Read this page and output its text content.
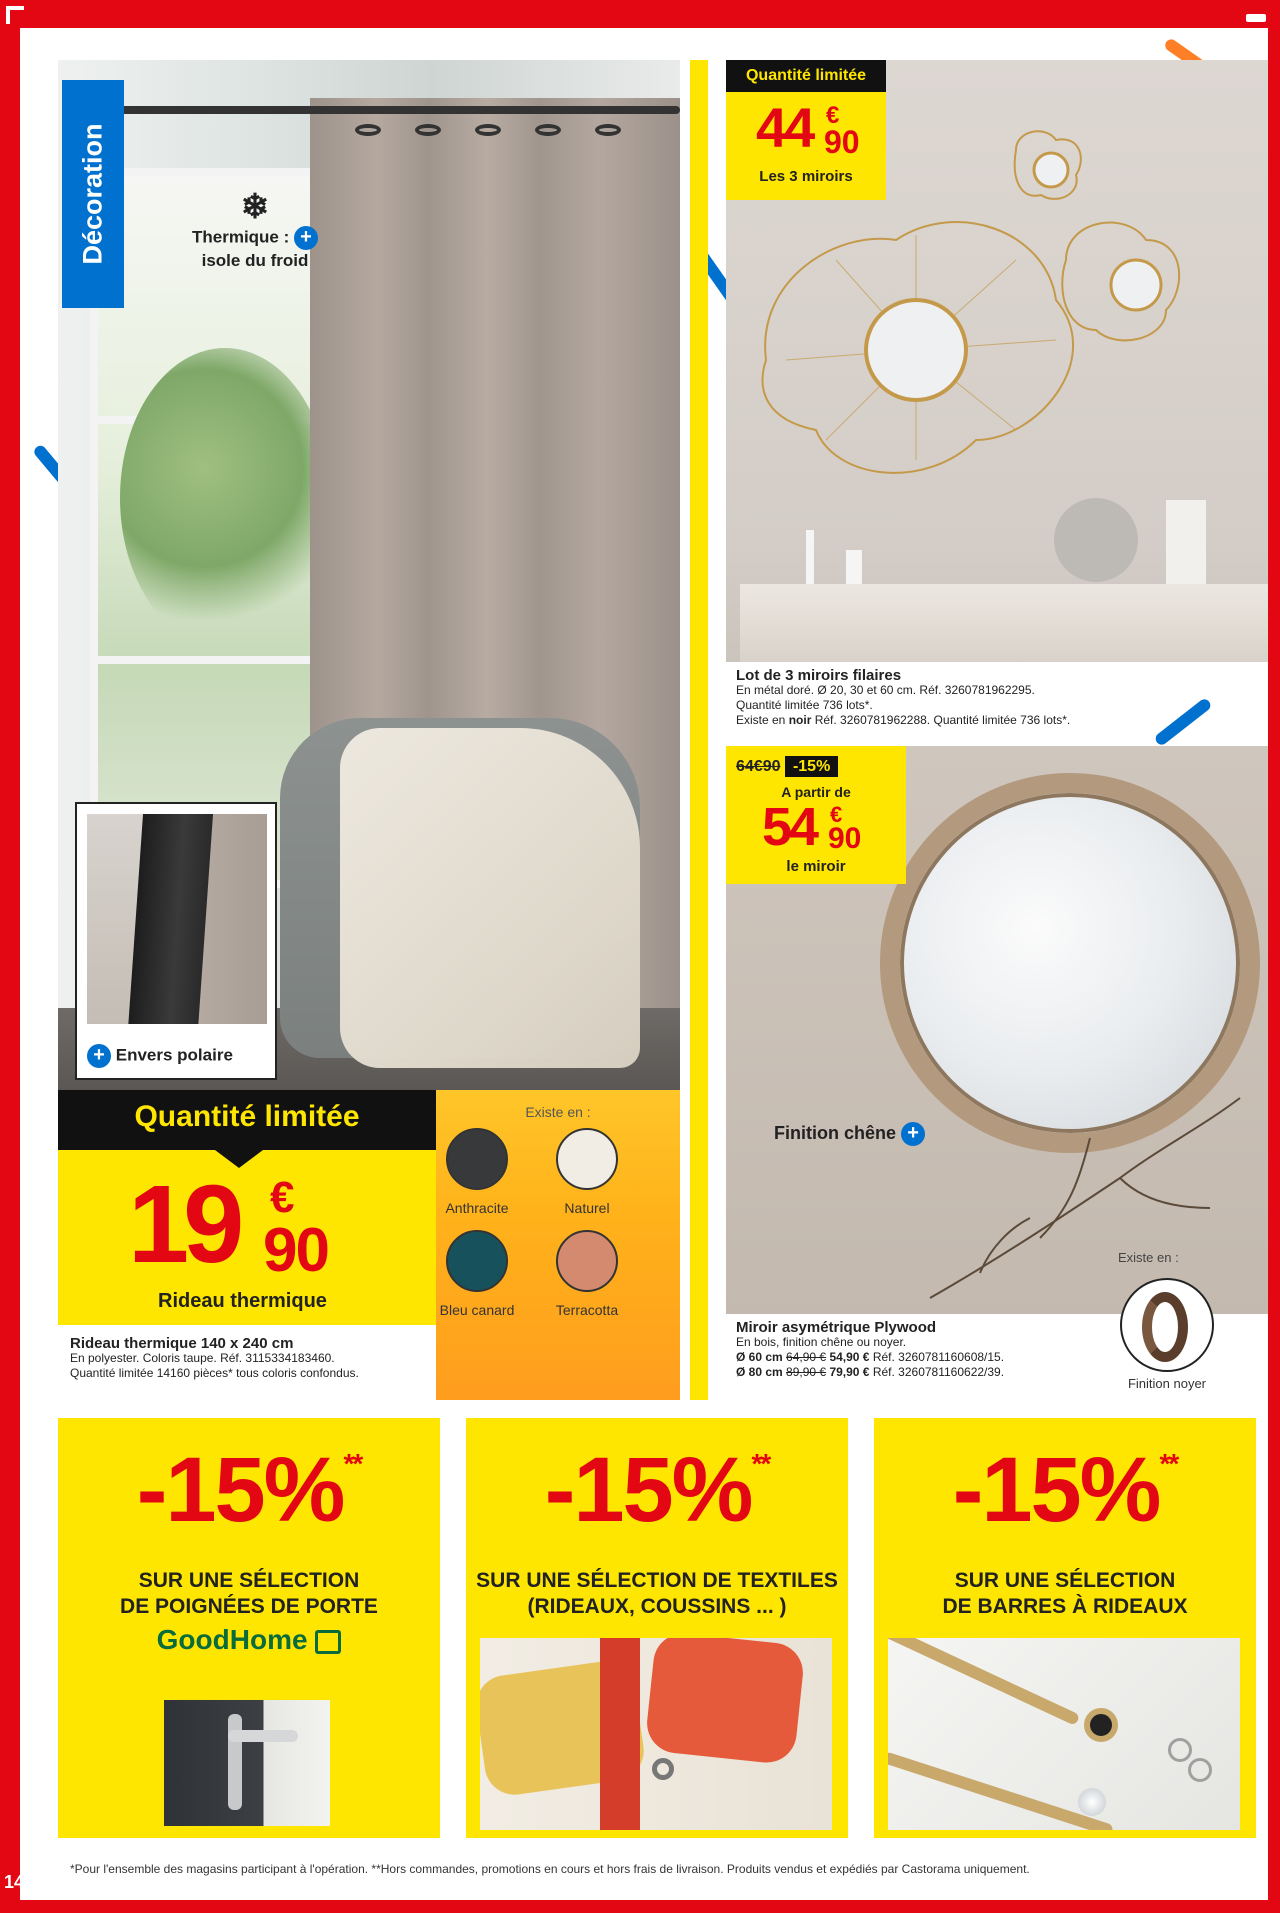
Décoration	❄
Thermique : +
isole du froid
+ Envers polaire
Quantité limitée
19 €
90
Rideau thermique
Existe en :
Anthracite	Naturel
Bleu canard	Terracotta
Rideau thermique 140 x 240 cm
En polyester. Coloris taupe. Réf. 3115334183460.
Quantité limitée 14160 pièces* tous coloris confondus.
Quantité limitée
44 €
90
Les 3 miroirs
Lot de 3 miroirs filaires
En métal doré. Ø 20, 30 et 60 cm. Réf. 3260781962295.
Quantité limitée 736 lots*.
Existe en noir Réf. 3260781962288. Quantité limitée 736 lots*.
64€90 -15%
A partir de
54 €
90
le miroir
Finition chêne +
Existe en :
Miroir asymétrique Plywood
En bois, finition chêne ou noyer.
Ø 60 cm 64,90 € 54,90 € Réf. 3260781160608/15.
Ø 80 cm 89,90 € 79,90 € Réf. 3260781160622/39.
Finition noyer
-15%**
SUR UNE SÉLECTION
DE POIGNÉES DE PORTE
GoodHome
-15%**
SUR UNE SÉLECTION DE TEXTILES
(RIDEAUX, COUSSINS ... )
-15%**
SUR UNE SÉLECTION
DE BARRES À RIDEAUX
*Pour l'ensemble des magasins participant à l'opération. **Hors commandes, promotions en cours et hors frais de livraison. Produits vendus et expédiés par Castorama uniquement.
14
